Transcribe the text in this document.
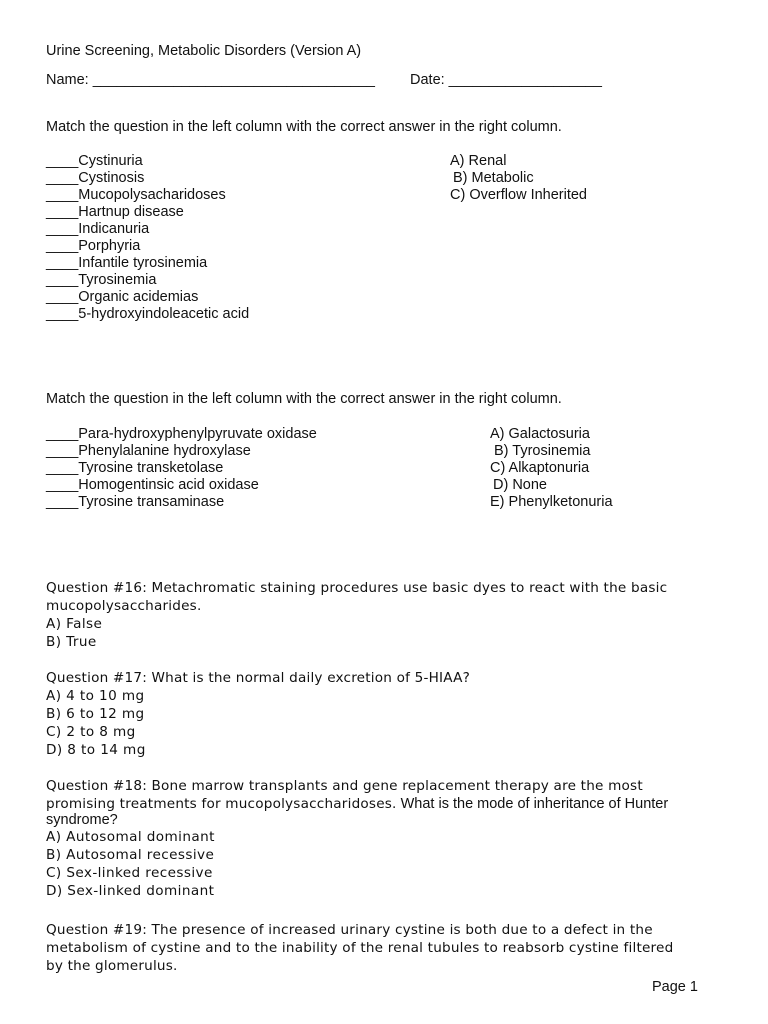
Urine Screening, Metabolic Disorders (Version A)
Name: ___________________________________ Date: ___________________
Match the question in the left column with the correct answer in the right column.
____Cystinuria
____Cystinosis
____Mucopolysacharidoses
____Hartnup disease
____Indicanuria
____Porphyria
____Infantile tyrosinemia
____Tyrosinemia
____Organic acidemias
____5-hydroxyindoleacetic acid
A) Renal
B) Metabolic
C) Overflow Inherited
Match the question in the left column with the correct answer in the right column.
____Para-hydroxyphenylpyruvate oxidase
____Phenylalanine hydroxylase
____Tyrosine transketolase
____Homogentinsic acid oxidase
____Tyrosine transaminase
A) Galactosuria
B) Tyrosinemia
C) Alkaptonuria
D) None
E) Phenylketonuria
Question #16: Metachromatic staining procedures use basic dyes to react with the basic
mucopolysaccharides.
A) False
B) True
Question #17: What is the normal daily excretion of 5-HIAA?
A) 4 to 10 mg
B) 6 to 12 mg
C) 2 to 8 mg
D) 8 to 14 mg
Question #18: Bone marrow transplants and gene replacement therapy are the most
promising treatments for mucopolysaccharidoses. What is the mode of inheritance of Hunter
syndrome?
A) Autosomal dominant
B) Autosomal recessive
C) Sex-linked recessive
D) Sex-linked dominant
Question #19: The presence of increased urinary cystine is both due to a defect in the
metabolism of cystine and to the inability of the renal tubules to reabsorb cystine filtered
by the glomerulus.
Page 1
